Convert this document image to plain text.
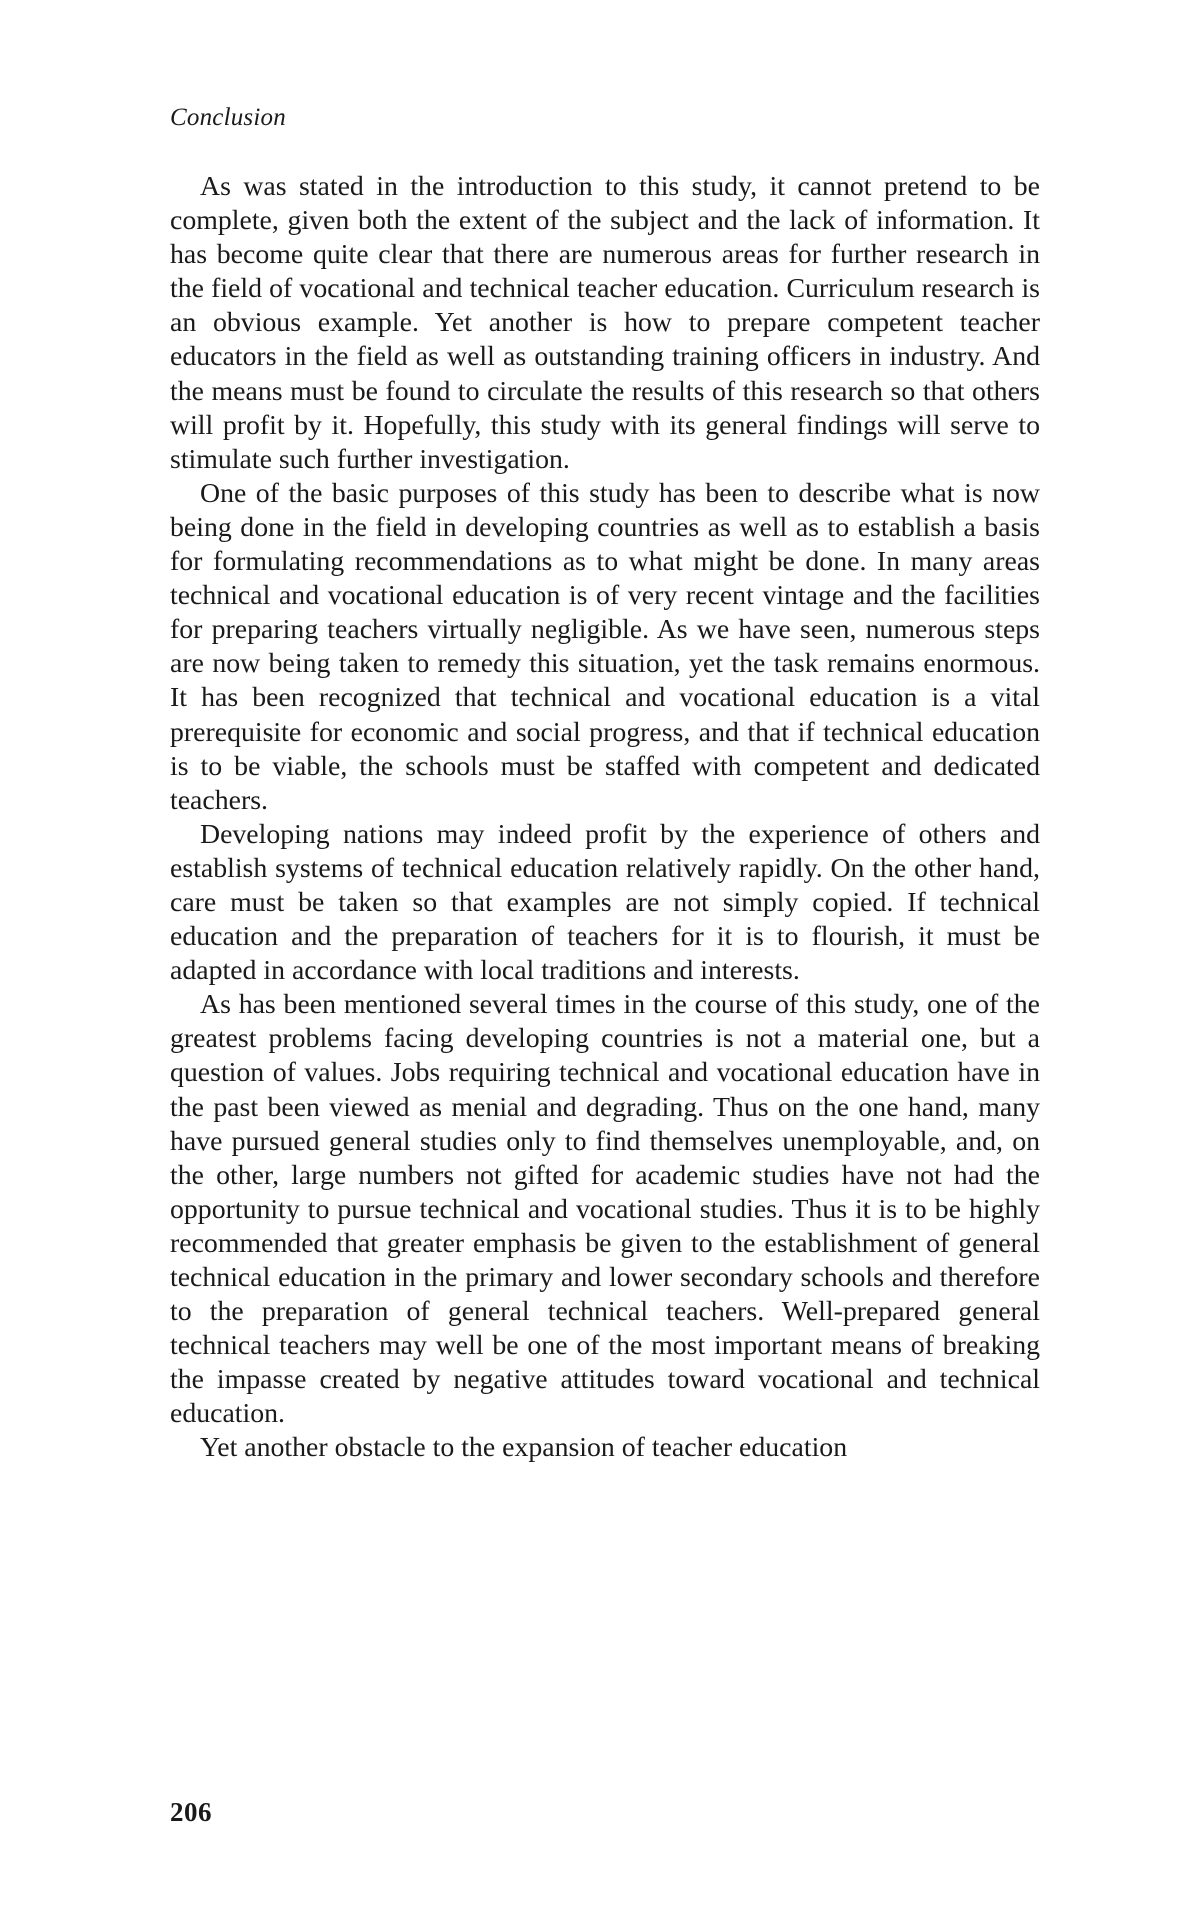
Conclusion

As was stated in the introduction to this study, it cannot pretend to be complete, given both the extent of the subject and the lack of information. It has become quite clear that there are numerous areas for further research in the field of vocational and technical teacher education. Curriculum research is an obvious example. Yet another is how to prepare competent teacher educators in the field as well as outstanding training officers in industry. And the means must be found to circulate the results of this research so that others will profit by it. Hopefully, this study with its general findings will serve to stimulate such further investigation.

One of the basic purposes of this study has been to describe what is now being done in the field in developing countries as well as to establish a basis for formulating recommendations as to what might be done. In many areas technical and vocational education is of very recent vintage and the facilities for preparing teachers virtually negligible. As we have seen, numerous steps are now being taken to remedy this situation, yet the task remains enormous. It has been recognized that technical and vocational education is a vital prerequisite for economic and social progress, and that if technical education is to be viable, the schools must be staffed with competent and dedicated teachers.

Developing nations may indeed profit by the experience of others and establish systems of technical education relatively rapidly. On the other hand, care must be taken so that examples are not simply copied. If technical education and the preparation of teachers for it is to flourish, it must be adapted in accordance with local traditions and interests.

As has been mentioned several times in the course of this study, one of the greatest problems facing developing countries is not a material one, but a question of values. Jobs requiring technical and vocational education have in the past been viewed as menial and degrading. Thus on the one hand, many have pursued general studies only to find themselves unemployable, and, on the other, large numbers not gifted for academic studies have not had the opportunity to pursue technical and vocational studies. Thus it is to be highly recommended that greater emphasis be given to the establishment of general technical education in the primary and lower secondary schools and therefore to the preparation of general technical teachers. Well-prepared general technical teachers may well be one of the most important means of breaking the impasse created by negative attitudes toward vocational and technical education.

Yet another obstacle to the expansion of teacher education

206
